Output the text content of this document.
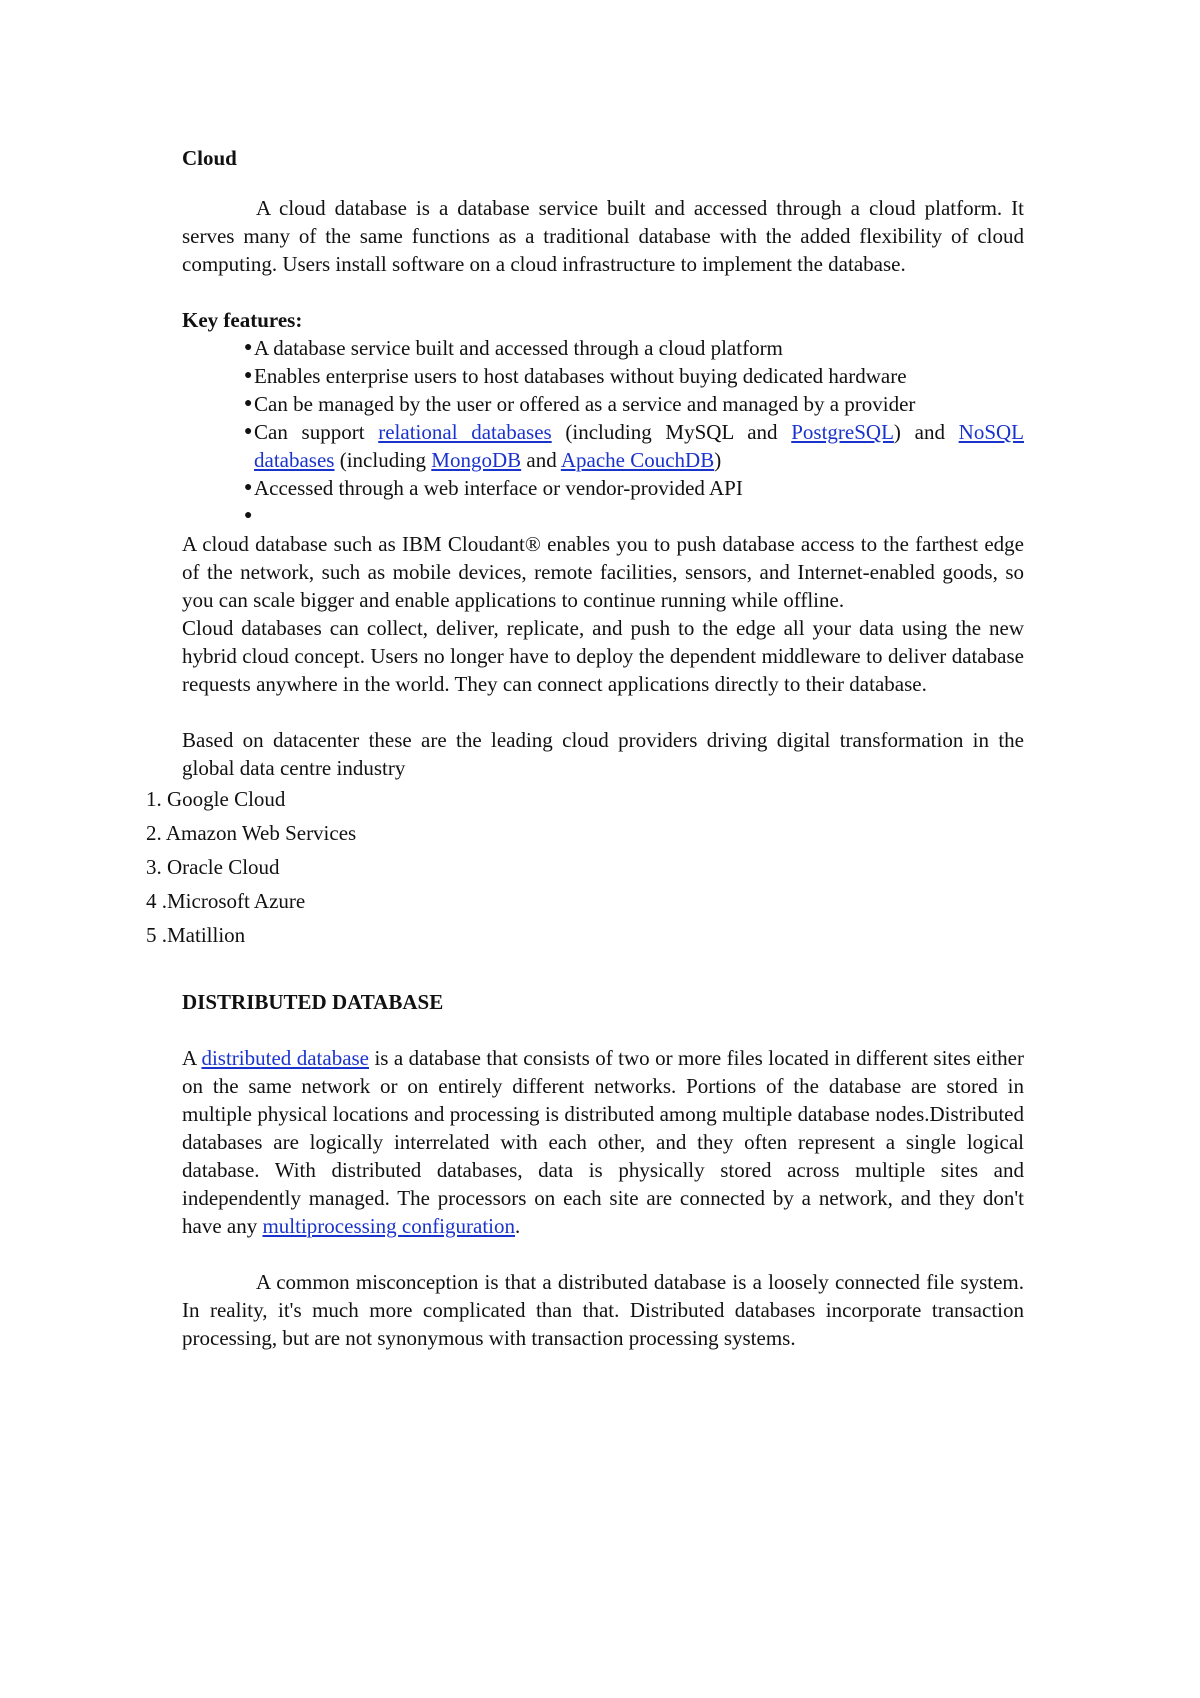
Cloud

A cloud database is a database service built and accessed through a cloud platform. It serves many of the same functions as a traditional database with the added flexibility of cloud computing. Users install software on a cloud infrastructure to implement the database.

Key features:
● A database service built and accessed through a cloud platform
● Enables enterprise users to host databases without buying dedicated hardware
● Can be managed by the user or offered as a service and managed by a provider
● Can support relational databases (including MySQL and PostgreSQL) and NoSQL databases (including MongoDB and Apache CouchDB)
● Accessed through a web interface or vendor-provided API
●

A cloud database such as IBM Cloudant® enables you to push database access to the farthest edge of the network, such as mobile devices, remote facilities, sensors, and Internet-enabled goods, so you can scale bigger and enable applications to continue running while offline.

Cloud databases can collect, deliver, replicate, and push to the edge all your data using the new hybrid cloud concept. Users no longer have to deploy the dependent middleware to deliver database requests anywhere in the world. They can connect applications directly to their database.

Based on datacenter these are the leading cloud providers driving digital transformation in the global data centre industry

1. Google Cloud
2. Amazon Web Services
3. Oracle Cloud
4 .Microsoft Azure
5 .Matillion
DISTRIBUTED DATABASE

A distributed database is a database that consists of two or more files located in different sites either on the same network or on entirely different networks. Portions of the database are stored in multiple physical locations and processing is distributed among multiple database nodes.Distributed databases are logically interrelated with each other, and they often represent a single logical database. With distributed databases, data is physically stored across multiple sites and independently managed. The processors on each site are connected by a network, and they don't have any multiprocessing configuration.

A common misconception is that a distributed database is a loosely connected file system. In reality, it's much more complicated than that. Distributed databases incorporate transaction processing, but are not synonymous with transaction processing systems.
